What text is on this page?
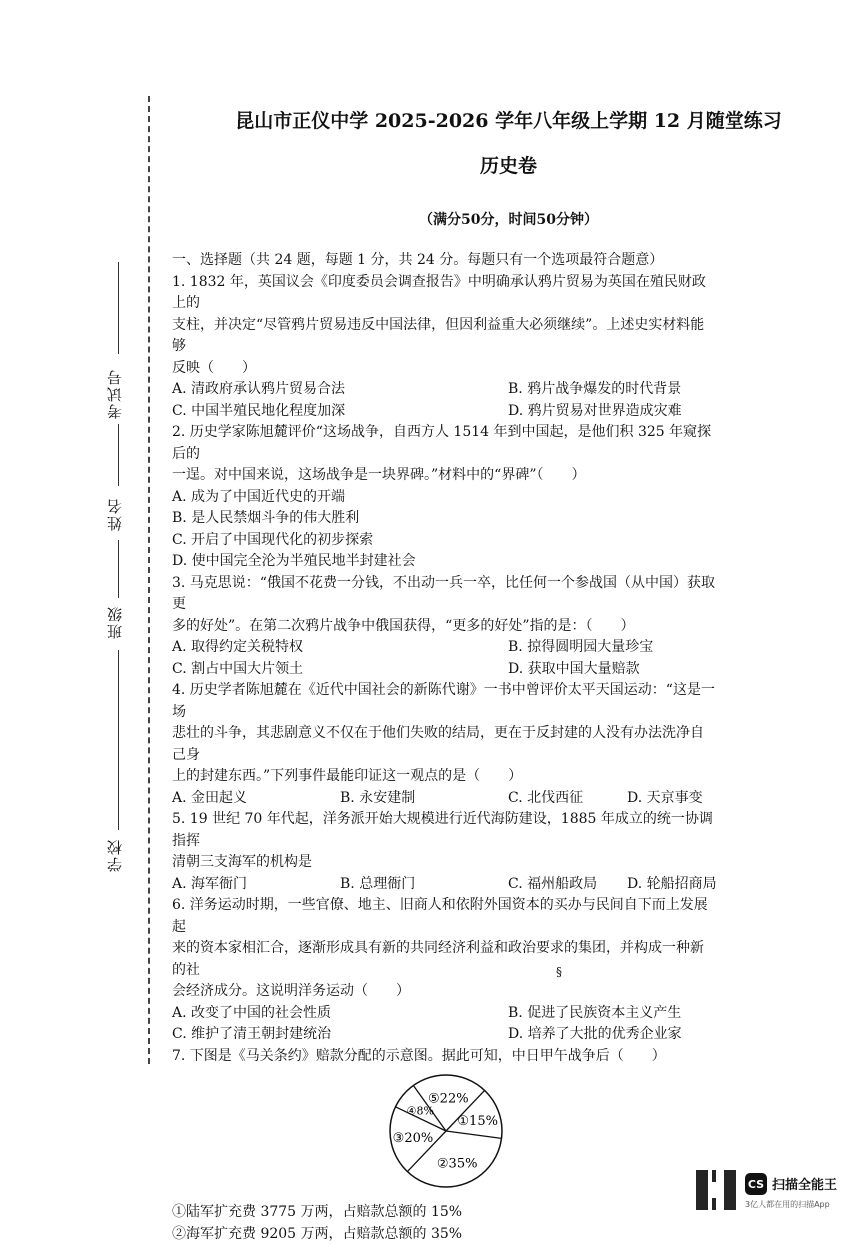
考试号
姓名
班级
学校
昆山市正仪中学 2025-2026 学年八年级上学期 12 月随堂练习
历史卷
（满分50分，时间50分钟）

一、选择题（共 24 题，每题 1 分，共 24 分。每题只有一个选项最符合题意）

1. 1832 年，英国议会《印度委员会调查报告》中明确承认鸦片贸易为英国在殖民财政上的

支柱，并决定“尽管鸦片贸易违反中国法律，但因利益重大必须继续”。上述史实材料能够

反映（　　）

A. 清政府承认鸦片贸易合法	B. 鸦片战争爆发的时代背景
C. 中国半殖民地化程度加深	D. 鸦片贸易对世界造成灾难

2. 历史学家陈旭麓评价“这场战争，自西方人 1514 年到中国起，是他们积 325 年窥探后的

一逞。对中国来说，这场战争是一块界碑。”材料中的“界碑”（　　）

A. 成为了中国近代史的开端

B. 是人民禁烟斗争的伟大胜利

C. 开启了中国现代化的初步探索

D. 使中国完全沦为半殖民地半封建社会

3. 马克思说：“俄国不花费一分钱，不出动一兵一卒，比任何一个参战国（从中国）获取更

多的好处”。在第二次鸦片战争中俄国获得，“更多的好处”指的是：（　　）

A. 取得约定关税特权	B. 掠得圆明园大量珍宝
C. 割占中国大片领土	D. 获取中国大量赔款

4. 历史学者陈旭麓在《近代中国社会的新陈代谢》一书中曾评价太平天国运动：“这是一场

悲壮的斗争，其悲剧意义不仅在于他们失败的结局，更在于反封建的人没有办法洗净自己身

上的封建东西。”下列事件最能印证这一观点的是（　　）

A. 金田起义	B. 永安建制	C. 北伐西征	D. 天京事变

5. 19 世纪 70 年代起，洋务派开始大规模进行近代海防建设，1885 年成立的统一协调指挥

清朝三支海军的机构是

A. 海军衙门	B. 总理衙门	C. 福州船政局	D. 轮船招商局

6. 洋务运动时期，一些官僚、地主、旧商人和依附外国资本的买办与民间自下而上发展起

来的资本家相汇合，逐渐形成具有新的共同经济利益和政治要求的集团，并构成一种新的社

会经济成分。这说明洋务运动（　　）

A. 改变了中国的社会性质	B. 促进了民族资本主义产生
C. 维护了清王朝封建统治	D. 培养了大批的优秀企业家

7. 下图是《马关条约》赔款分配的示意图。据此可知，中日甲午战争后（　　）

⑤22%
①15%
②35%
③20%
④8%

①陆军扩充费 3775 万两，占赔款总额的 15%

②海军扩充费 9205 万两，占赔款总额的 35%

§
CS 扫描全能王
3亿人都在用的扫描App
